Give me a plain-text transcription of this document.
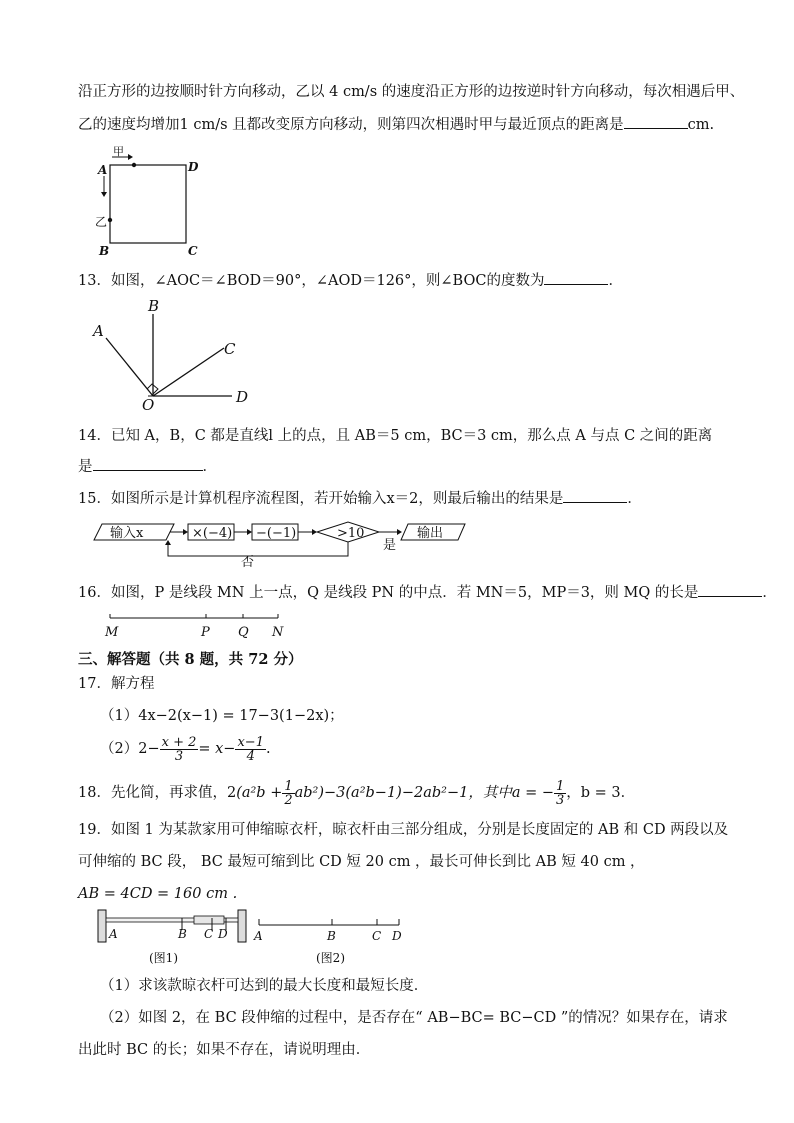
沿正方形的边按顺时针方向移动，乙以 4 cm/s 的速度沿正方形的边按逆时针方向移动，每次相遇后甲、
乙的速度均增加1 cm/s 且都改变原方向移动，则第四次相遇时甲与最近顶点的距离是	cm.
甲
A	D
乙
B	C
13．如图，∠AOC＝∠BOD＝90°，∠AOD＝126°，则∠BOC的度数为	．
B
A
C
D
O
14．已知 A，B，C 都是直线l 上的点，且 AB＝5 cm，BC＝3 cm，那么点 A 与点 C 之间的距离
是	．
15．如图所示是计算机程序流程图，若开始输入x＝2，则最后输出的结果是	．
输入x	×(−4) −(−1)	>10	输出
是
否
16．如图，P 是线段 MN 上一点，Q 是线段 PN 的中点．若 MN＝5，MP＝3，则 MQ 的长是	．
M	P Q N
三、解答题（共 8 题，共 72 分）
17．解方程
（1）4x−2(x−1) = 17−3(1−2x)；
$(2)2- \frac{x + 2}{3} = x- \frac{x-1}{4}$ .
18．先化简，再求值，$2(a^2b + \frac{1}{2} ab^2)-3(a^2b-1)-2ab^2-1$，其中a = − $\frac{1}{3}$ ，b = 3．
19．如图 1 为某款家用可伸缩晾衣杆，晾衣杆由三部分组成，分别是长度固定的 AB 和 CD 两段以及
可伸缩的 BC 段， BC 最短可缩到比 CD 短 20 cm ，最长可伸长到比 AB 短 40 cm ，
AB = 4CD = 160 cm .
A	B C D
(图1)
A	B	C D
(图2)
（1）求该款晾衣杆可达到的最大长度和最短长度．
（2）如图 2，在 BC 段伸缩的过程中，是否存在“ AB−BC= BC−CD ”的情况？如果存在，请求
出此时 BC 的长；如果不存在，请说明理由．
